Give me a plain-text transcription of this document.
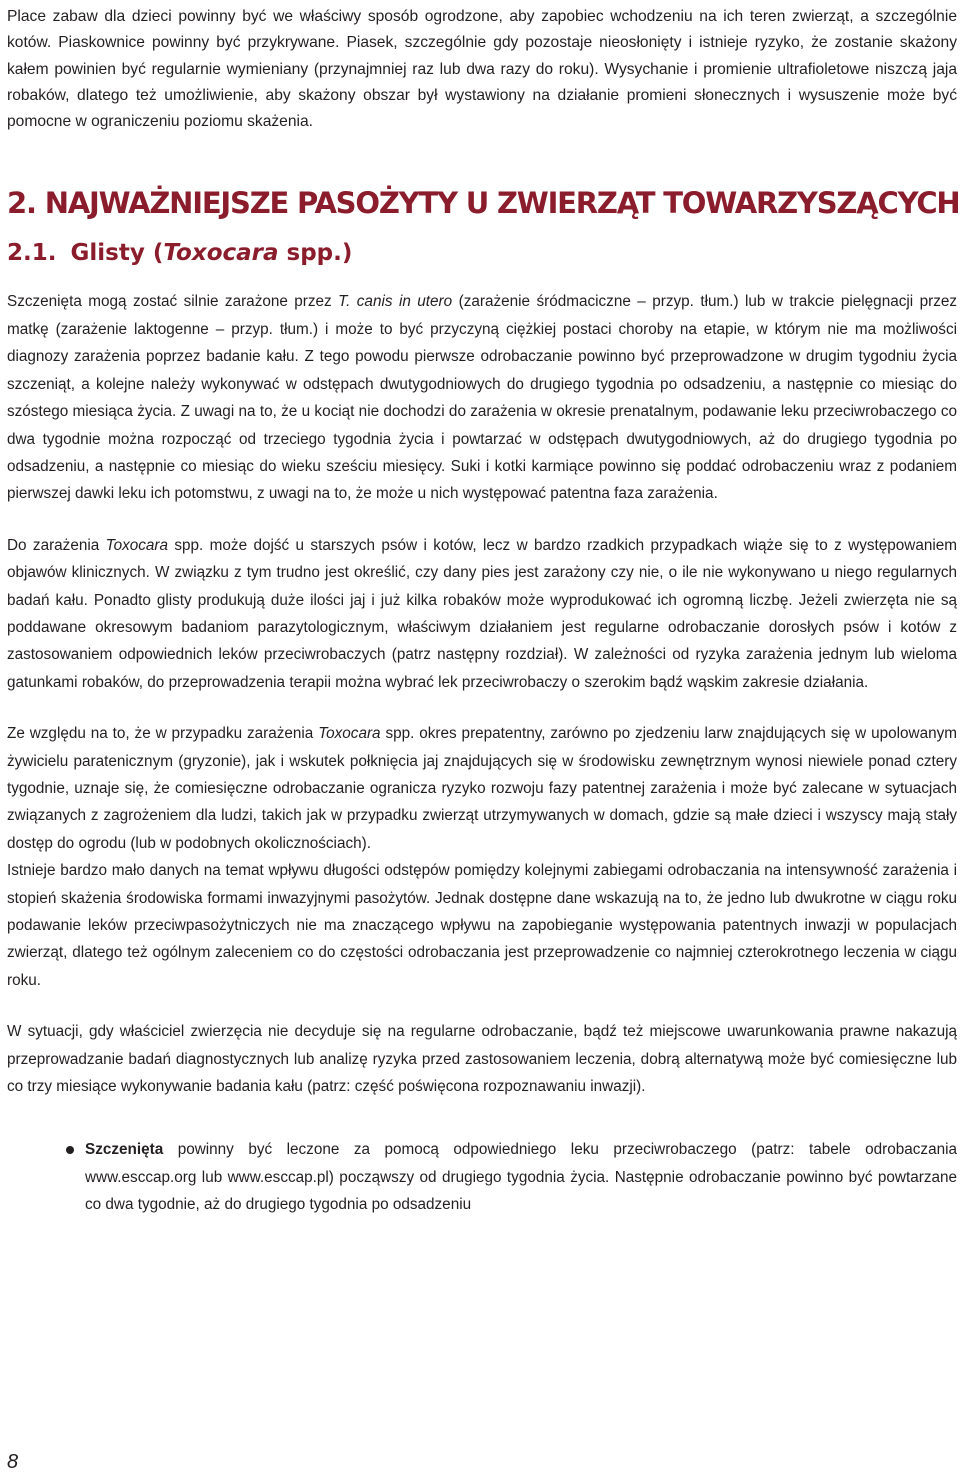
Place zabaw dla dzieci powinny być we właściwy sposób ogrodzone, aby zapobiec wchodzeniu na ich teren zwierząt, a szczególnie kotów. Piaskownice powinny być przykrywane. Piasek, szczególnie gdy pozostaje nieosłonięty i istnieje ryzyko, że zostanie skażony kałem powinien być regularnie wymieniany (przynajmniej raz lub dwa razy do roku). Wysychanie i promienie ultrafioletowe niszczą jaja robaków, dlatego też umożliwienie, aby skażony obszar był wystawiony na działanie promieni słonecznych i wysuszenie może być pomocne w ograniczeniu poziomu skażenia.

2. NAJWAŻNIEJSZE PASOŻYTY U ZWIERZĄT TOWARZYSZĄCYCH
2.1. Glisty (Toxocara spp.)

Szczenięta mogą zostać silnie zarażone przez T. canis in utero (zarażenie śródmaciczne – przyp. tłum.) lub w trakcie pielęgnacji przez matkę (zarażenie laktogenne – przyp. tłum.) i może to być przyczyną ciężkiej postaci choroby na etapie, w którym nie ma możliwości diagnozy zarażenia poprzez badanie kału. Z tego powodu pierwsze odrobaczanie powinno być przeprowadzone w drugim tygodniu życia szczeniąt, a kolejne należy wykonywać w odstępach dwutygodniowych do drugiego tygodnia po odsadzeniu, a następnie co miesiąc do szóstego miesiąca życia. Z uwagi na to, że u kociąt nie dochodzi do zarażenia w okresie prenatalnym, podawanie leku przeciwrobaczego co dwa tygodnie można rozpocząć od trzeciego tygodnia życia i powtarzać w odstępach dwutygodniowych, aż do drugiego tygodnia po odsadzeniu, a następnie co miesiąc do wieku sześciu miesięcy. Suki i kotki karmiące powinno się poddać odrobaczeniu wraz z podaniem pierwszej dawki leku ich potomstwu, z uwagi na to, że może u nich występować patentna faza zarażenia.

Do zarażenia Toxocara spp. może dojść u starszych psów i kotów, lecz w bardzo rzadkich przypadkach wiąże się to z występowaniem objawów klinicznych. W związku z tym trudno jest określić, czy dany pies jest zarażony czy nie, o ile nie wykonywano u niego regularnych badań kału. Ponadto glisty produkują duże ilości jaj i już kilka robaków może wyprodukować ich ogromną liczbę. Jeżeli zwierzęta nie są poddawane okresowym badaniom parazytologicznym, właściwym działaniem jest regularne odrobaczanie dorosłych psów i kotów z zastosowaniem odpowiednich leków przeciwrobaczych (patrz następny rozdział). W zależności od ryzyka zarażenia jednym lub wieloma gatunkami robaków, do przeprowadzenia terapii można wybrać lek przeciwrobaczy o szerokim bądź wąskim zakresie działania.

Ze względu na to, że w przypadku zarażenia Toxocara spp. okres prepatentny, zarówno po zjedzeniu larw znajdujących się w upolowanym żywicielu paratenicznym (gryzonie), jak i wskutek połknięcia jaj znajdujących się w środowisku zewnętrznym wynosi niewiele ponad cztery tygodnie, uznaje się, że comiesięczne odrobaczanie ogranicza ryzyko rozwoju fazy patentnej zarażenia i może być zalecane w sytuacjach związanych z zagrożeniem dla ludzi, takich jak w przypadku zwierząt utrzymywanych w domach, gdzie są małe dzieci i wszyscy mają stały dostęp do ogrodu (lub w podobnych okolicznościach).

Istnieje bardzo mało danych na temat wpływu długości odstępów pomiędzy kolejnymi zabiegami odrobaczania na intensywność zarażenia i stopień skażenia środowiska formami inwazyjnymi pasożytów. Jednak dostępne dane wskazują na to, że jedno lub dwukrotne w ciągu roku podawanie leków przeciwpasożytniczych nie ma znaczącego wpływu na zapobieganie występowania patentnych inwazji w populacjach zwierząt, dlatego też ogólnym zaleceniem co do częstości odrobaczania jest przeprowadzenie co najmniej czterokrotnego leczenia w ciągu roku.

W sytuacji, gdy właściciel zwierzęcia nie decyduje się na regularne odrobaczanie, bądź też miejscowe uwarunkowania prawne nakazują przeprowadzanie badań diagnostycznych lub analizę ryzyka przed zastosowaniem leczenia, dobrą alternatywą może być comiesięczne lub co trzy miesiące wykonywanie badania kału (patrz: część poświęcona rozpoznawaniu inwazji).

Szczenięta powinny być leczone za pomocą odpowiedniego leku przeciwrobaczego (patrz: tabele odrobaczania www.esccap.org lub www.esccap.pl) począwszy od drugiego tygodnia życia. Następnie odrobaczanie powinno być powtarzane co dwa tygodnie, aż do drugiego tygodnia po odsadzeniu
8
